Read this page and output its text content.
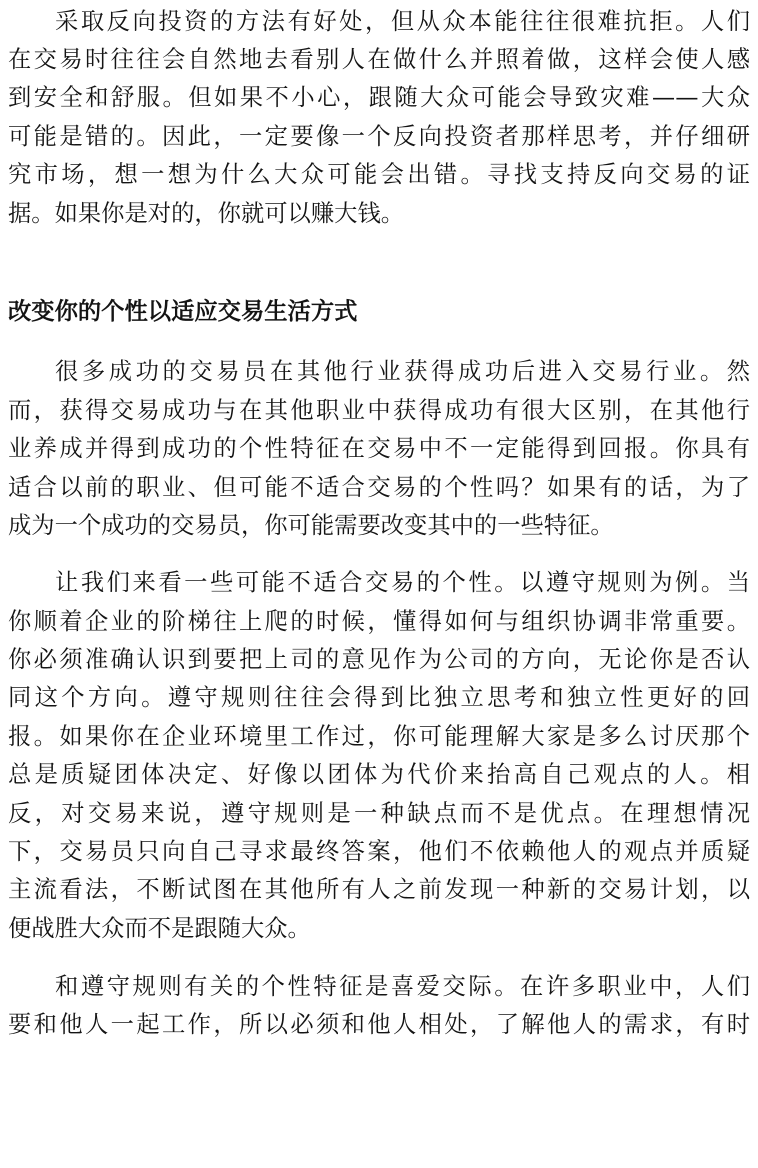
采取反向投资的方法有好处，但从众本能往往很难抗拒。人们
在交易时往往会自然地去看别人在做什么并照着做，这样会使人感
到安全和舒服。但如果不小心，跟随大众可能会导致灾难——大众
可能是错的。因此，一定要像一个反向投资者那样思考，并仔细研
究市场，想一想为什么大众可能会出错。寻找支持反向交易的证
据。如果你是对的，你就可以赚大钱。
改变你的个性以适应交易生活方式
很多成功的交易员在其他行业获得成功后进入交易行业。然
而，获得交易成功与在其他职业中获得成功有很大区别，在其他行
业养成并得到成功的个性特征在交易中不一定能得到回报。你具有
适合以前的职业、但可能不适合交易的个性吗？如果有的话，为了
成为一个成功的交易员，你可能需要改变其中的一些特征。
让我们来看一些可能不适合交易的个性。以遵守规则为例。当
你顺着企业的阶梯往上爬的时候，懂得如何与组织协调非常重要。
你必须准确认识到要把上司的意见作为公司的方向，无论你是否认
同这个方向。遵守规则往往会得到比独立思考和独立性更好的回
报。如果你在企业环境里工作过，你可能理解大家是多么讨厌那个
总是质疑团体决定、好像以团体为代价来抬高自己观点的人。相
反，对交易来说，遵守规则是一种缺点而不是优点。在理想情况
下，交易员只向自己寻求最终答案，他们不依赖他人的观点并质疑
主流看法，不断试图在其他所有人之前发现一种新的交易计划，以
便战胜大众而不是跟随大众。
和遵守规则有关的个性特征是喜爱交际。在许多职业中，人们
要和他人一起工作，所以必须和他人相处，了解他人的需求，有时
